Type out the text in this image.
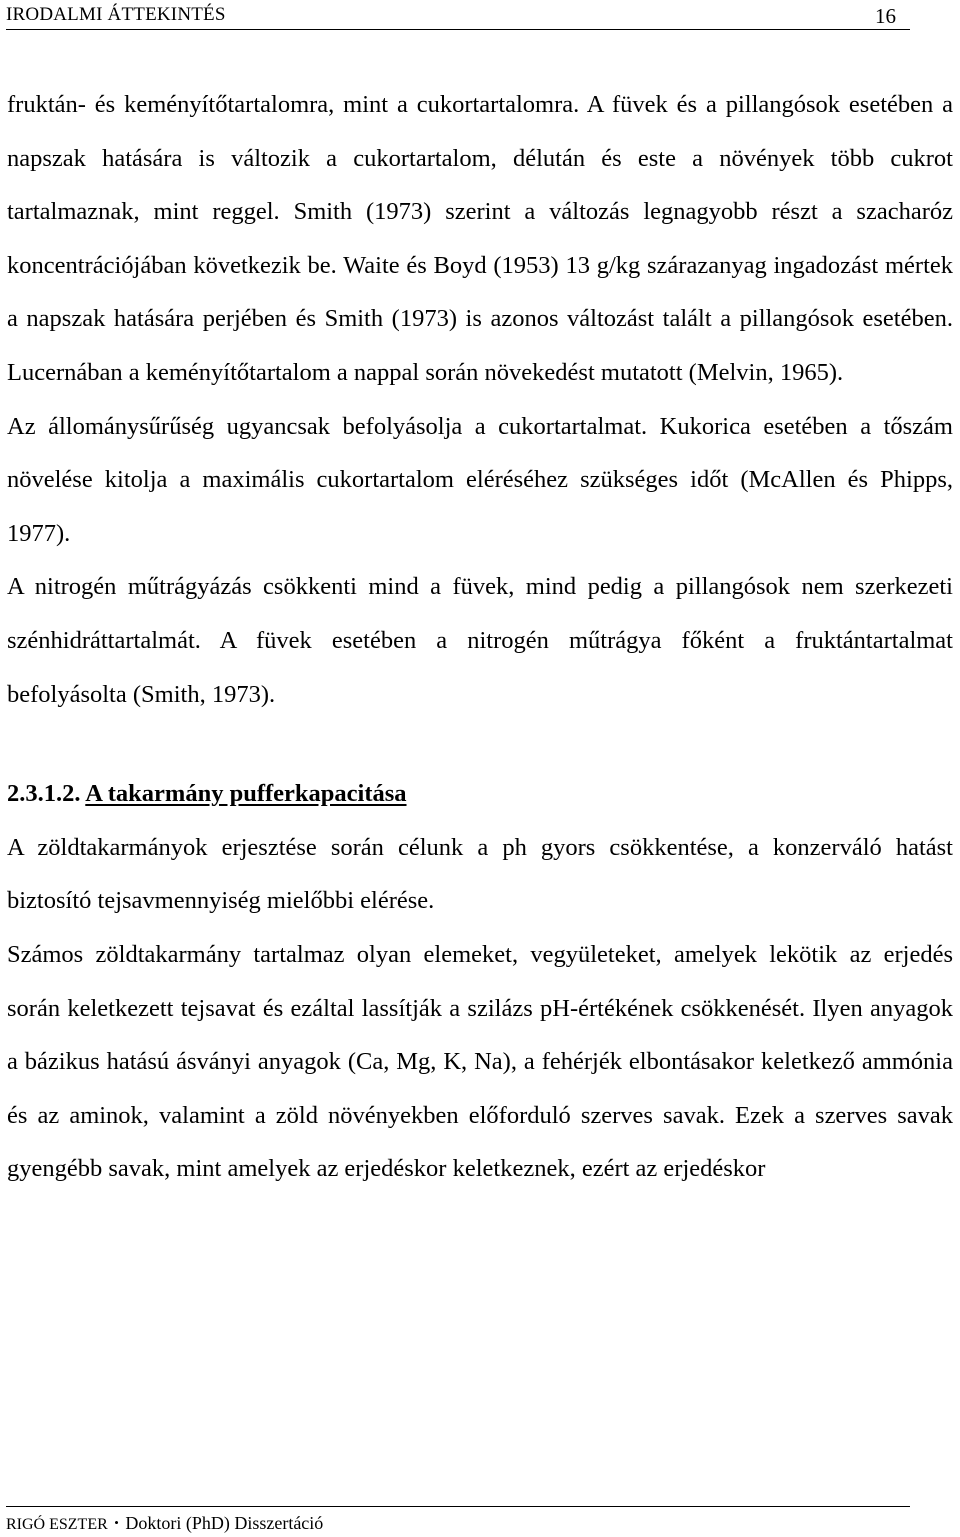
IRODALMI ÁTTEKINTÉS	16

fruktán- és keményítőtartalomra, mint a cukortartalomra. A füvek és a pillangósok esetében a napszak hatására is változik a cukortartalom, délután és este a növények több cukrot tartalmaznak, mint reggel. Smith (1973) szerint a változás legnagyobb részt a szacharóz koncentrációjában következik be. Waite és Boyd (1953) 13 g/kg szárazanyag ingadozást mértek a napszak hatására perjében és Smith (1973) is azonos változást talált a pillangósok esetében. Lucernában a keményítőtartalom a nappal során növekedést mutatott (Melvin, 1965).

Az állománysűrűség ugyancsak befolyásolja a cukortartalmat. Kukorica esetében a tőszám növelése kitolja a maximális cukortartalom eléréséhez szükséges időt (McAllen és Phipps, 1977).

A nitrogén műtrágyázás csökkenti mind a füvek, mind pedig a pillangósok nem szerkezeti szénhidráttartalmát. A füvek esetében a nitrogén műtrágya főként a fruktántartalmat befolyásolta (Smith, 1973).

2.3.1.2. A takarmány pufferkapacitása

A zöldtakarmányok erjesztése során célunk a ph gyors csökkentése, a konzerváló hatást biztosító tejsavmennyiség mielőbbi elérése.

Számos zöldtakarmány tartalmaz olyan elemeket, vegyületeket, amelyek lekötik az erjedés során keletkezett tejsavat és ezáltal lassítják a szilázs pH-értékének csökkenését. Ilyen anyagok a bázikus hatású ásványi anyagok (Ca, Mg, K, Na), a fehérjék elbontásakor keletkező ammónia és az aminok, valamint a zöld növényekben előforduló szerves savak. Ezek a szerves savak gyengébb savak, mint amelyek az erjedéskor keletkeznek, ezért az erjedéskor

RIGÓ ESZTER • Doktori (PhD) Disszertáció
